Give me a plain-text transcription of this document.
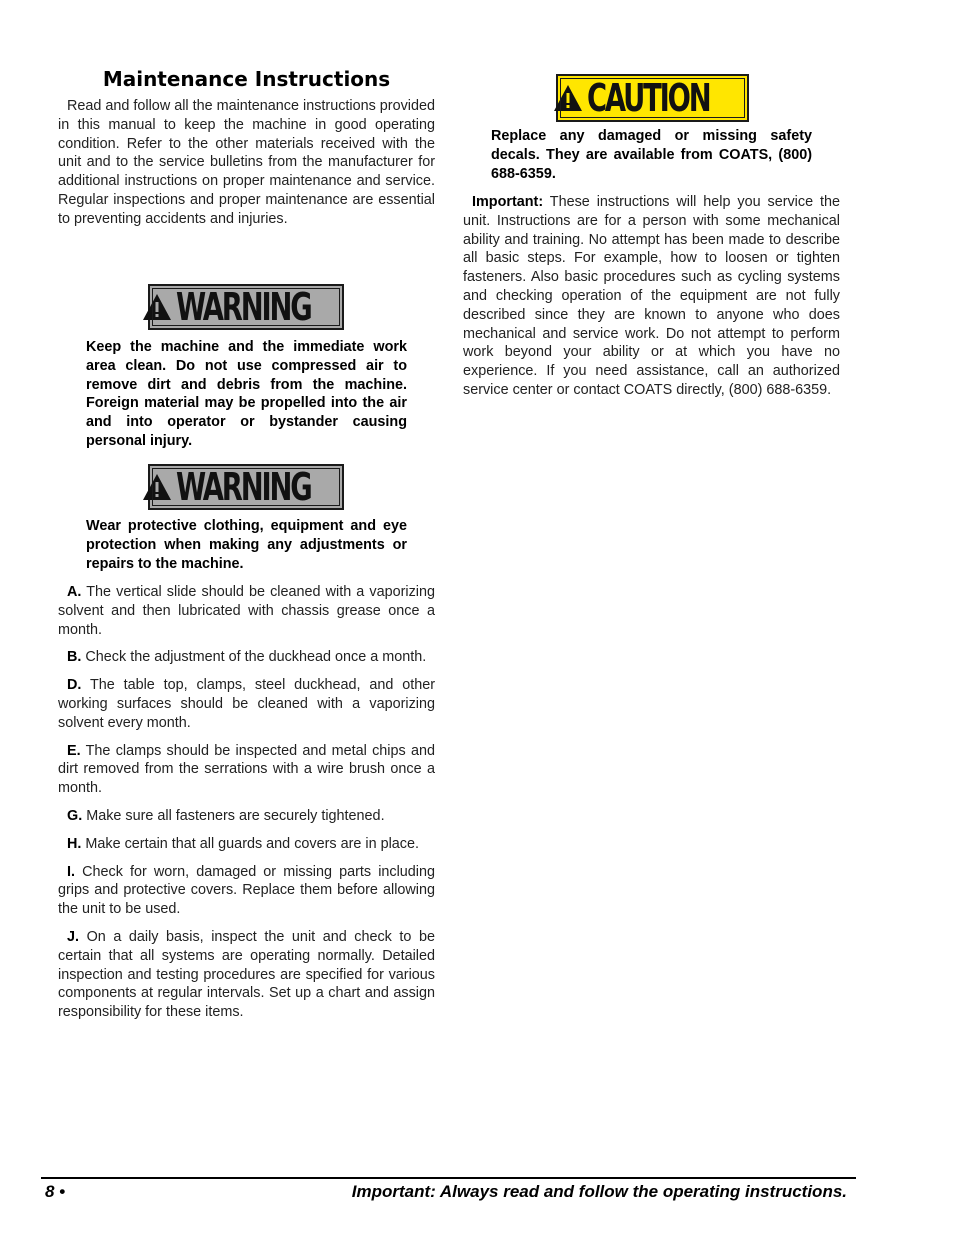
Maintenance Instructions

Read and follow all the maintenance instructions provided in this manual to keep the machine in good operating condition. Refer to the other materials received with the unit and to the service bulletins from the manufacturer for additional instructions on proper maintenance and service. Regular inspections and proper maintenance are essential to preventing accidents and injuries.

WARNING

Keep the machine and the immediate work area clean. Do not use compressed air to remove dirt and debris from the machine. Foreign material may be propelled into the air and into operator or bystander causing personal injury.

WARNING

Wear protective clothing, equipment and eye protection when making any adjustments or repairs to the machine.

A. The vertical slide should be cleaned with a vaporizing solvent and then lubricated with chassis grease once a month.

B. Check the adjustment of the duckhead once a month.

D. The table top, clamps, steel duckhead, and other working surfaces should be cleaned with a vaporizing solvent every month.

E. The clamps should be inspected and metal chips and dirt removed from the serrations with a wire brush once a month.

G. Make sure all fasteners are securely tightened.

H. Make certain that all guards and covers are in place.

I. Check for worn, damaged or missing parts including grips and protective covers. Replace them before allowing the unit to be used.

J. On a daily basis, inspect the unit and check to be certain that all systems are operating normally. Detailed inspection and testing procedures are specified for various components at regular intervals. Set up a chart and assign responsibility for these items.

CAUTION

Replace any damaged or missing safety decals. They are available from COATS, (800) 688-6359.

Important: These instructions will help you service the unit. Instructions are for a person with some mechanical ability and training. No attempt has been made to describe all basic steps. For example, how to loosen or tighten fasteners. Also basic procedures such as cycling systems and checking operation of the equipment are not fully described since they are known to anyone who does mechanical and service work. Do not attempt to perform work beyond your ability or at which you have no experience. If you need assistance, call an authorized service center or contact COATS directly, (800) 688-6359.

8 •	Important: Always read and follow the operating instructions.
